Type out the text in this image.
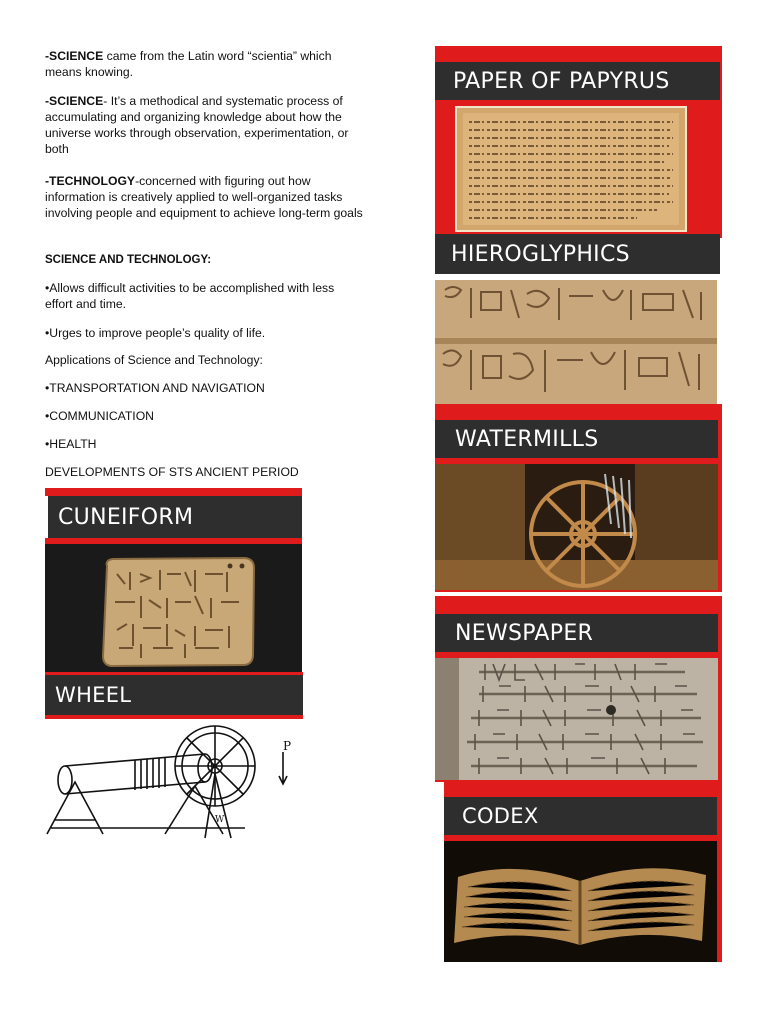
-SCIENCE came from the Latin word “scientia” which means knowing.

-SCIENCE- It’s a methodical and systematic process of accumulating and organizing knowledge about how the universe works through observation, experimentation, or both

-TECHNOLOGY-concerned with figuring out how information is creatively applied to well-organized tasks involving people and equipment to achieve long-term goals

SCIENCE AND TECHNOLOGY:

•Allows difficult activities to be accomplished with less effort and time.

•Urges to improve people’s quality of life.

Applications of Science and Technology:

•TRANSPORTATION AND NAVIGATION

•COMMUNICATION

•HEALTH

DEVELOPMENTS OF STS ANCIENT PERIOD

CUNEIFORM
WHEEL
P
W
PAPER OF PAPYRUS
HIEROGLYPHICS
WATERMILLS
NEWSPAPER
CODEX
